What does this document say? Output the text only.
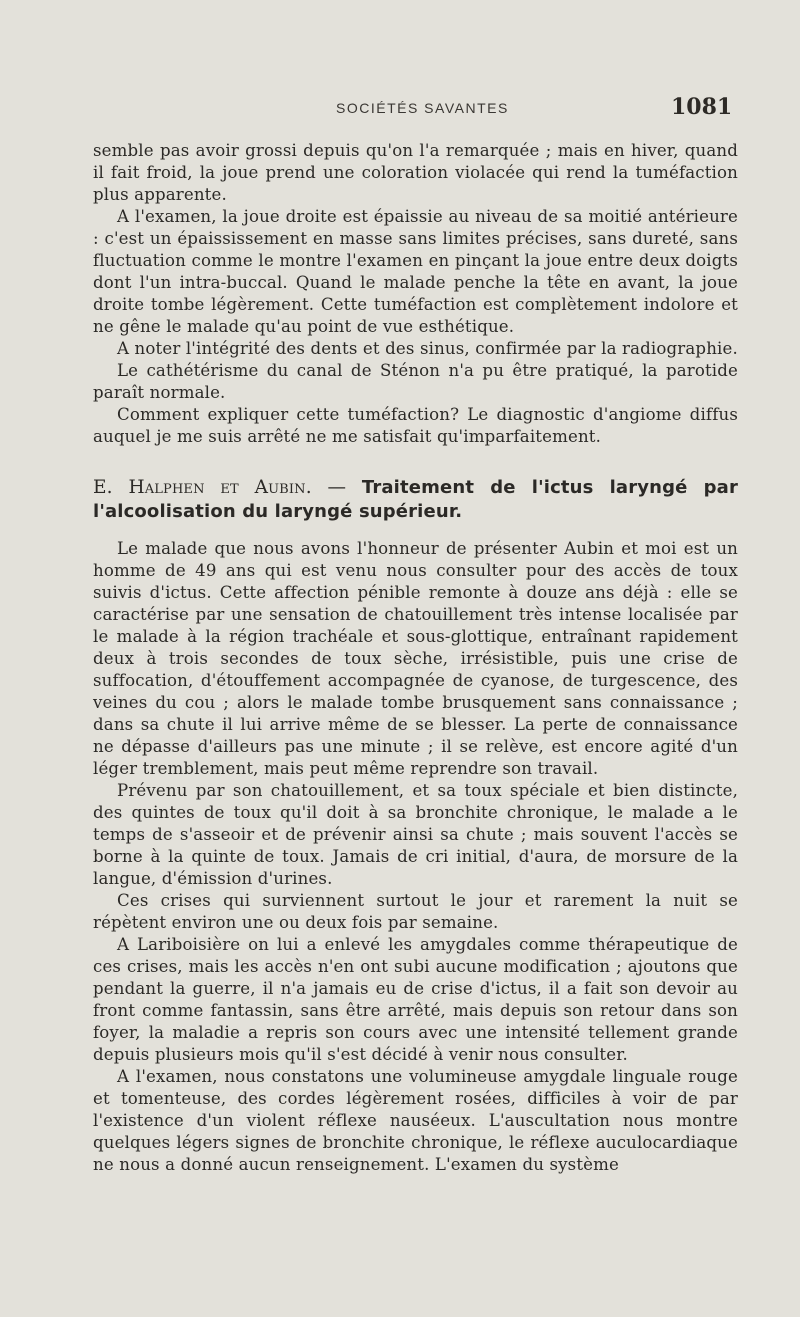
SOCIÉTÉS SAVANTES	1081

semble pas avoir grossi depuis qu'on l'a remarquée ; mais en hiver, quand il fait froid, la joue prend une coloration violacée qui rend la tuméfaction plus apparente.

A l'examen, la joue droite est épaissie au niveau de sa moitié antérieure : c'est un épaississement en masse sans limites précises, sans dureté, sans fluctuation comme le montre l'examen en pinçant la joue entre deux doigts dont l'un intra-buccal. Quand le malade penche la tête en avant, la joue droite tombe légèrement. Cette tuméfaction est complètement indolore et ne gêne le malade qu'au point de vue esthétique.

A noter l'intégrité des dents et des sinus, confirmée par la radiographie.

Le cathétérisme du canal de Sténon n'a pu être pratiqué, la parotide paraît normale.

Comment expliquer cette tuméfaction? Le diagnostic d'angiome diffus auquel je me suis arrêté ne me satisfait qu'imparfaitement.

E. Halphen et Aubin. — Traitement de l'ictus laryngé par l'alcoolisation du laryngé supérieur.

Le malade que nous avons l'honneur de présenter Aubin et moi est un homme de 49 ans qui est venu nous consulter pour des accès de toux suivis d'ictus. Cette affection pénible remonte à douze ans déjà : elle se caractérise par une sensation de chatouillement très intense localisée par le malade à la région trachéale et sous-glottique, entraînant rapidement deux à trois secondes de toux sèche, irrésistible, puis une crise de suffocation, d'étouffement accompagnée de cyanose, de turgescence, des veines du cou ; alors le malade tombe brusquement sans connaissance ; dans sa chute il lui arrive même de se blesser. La perte de connaissance ne dépasse d'ailleurs pas une minute ; il se relève, est encore agité d'un léger tremblement, mais peut même reprendre son travail.

Prévenu par son chatouillement, et sa toux spéciale et bien distincte, des quintes de toux qu'il doit à sa bronchite chronique, le malade a le temps de s'asseoir et de prévenir ainsi sa chute ; mais souvent l'accès se borne à la quinte de toux. Jamais de cri initial, d'aura, de morsure de la langue, d'émission d'urines.

Ces crises qui surviennent surtout le jour et rarement la nuit se répètent environ une ou deux fois par semaine.

A Lariboisière on lui a enlevé les amygdales comme thérapeutique de ces crises, mais les accès n'en ont subi aucune modification ; ajoutons que pendant la guerre, il n'a jamais eu de crise d'ictus, il a fait son devoir au front comme fantassin, sans être arrêté, mais depuis son retour dans son foyer, la maladie a repris son cours avec une intensité tellement grande depuis plusieurs mois qu'il s'est décidé à venir nous consulter.

A l'examen, nous constatons une volumineuse amygdale linguale rouge et tomenteuse, des cordes légèrement rosées, difficiles à voir de par l'existence d'un violent réflexe nauséeux. L'auscultation nous montre quelques légers signes de bronchite chronique, le réflexe auculocardiaque ne nous a donné aucun renseignement. L'examen du système
